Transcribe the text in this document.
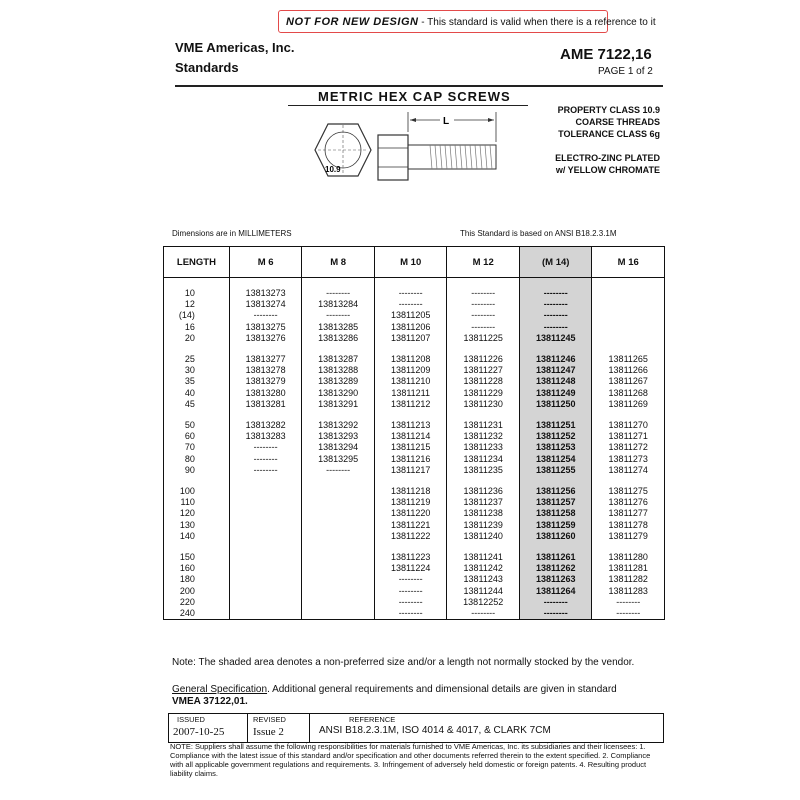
NOT FOR NEW DESIGN - This standard is valid when there is a reference to it
VME Americas, Inc.
Standards
AME 7122,16
PAGE 1 of 2
METRIC HEX CAP SCREWS
10.9
L
PROPERTY CLASS 10.9
COARSE THREADS
TOLERANCE CLASS 6g
ELECTRO-ZINC PLATED
w/ YELLOW CHROMATE
Dimensions are in MILLIMETERS	This Standard is based on ANSI B18.2.3.1M
LENGTH	M 6	M 8	M 10	M 12	(M 14)	M 16

10	13813273	--------	--------	--------	--------	
12	13813274	13813284	--------	--------	--------	
(14)	--------	--------	13811205	--------	--------	
16	13813275	13813285	13811206	--------	--------	
20	13813276	13813286	13811207	13811225	13811245	

25	13813277	13813287	13811208	13811226	13811246	13811265
30	13813278	13813288	13811209	13811227	13811247	13811266
35	13813279	13813289	13811210	13811228	13811248	13811267
40	13813280	13813290	13811211	13811229	13811249	13811268
45	13813281	13813291	13811212	13811230	13811250	13811269

50	13813282	13813292	13811213	13811231	13811251	13811270
60	13813283	13813293	13811214	13811232	13811252	13811271
70	--------	13813294	13811215	13811233	13811253	13811272
80	--------	13813295	13811216	13811234	13811254	13811273
90	--------	--------	13811217	13811235	13811255	13811274

100			13811218	13811236	13811256	13811275
110			13811219	13811237	13811257	13811276
120			13811220	13811238	13811258	13811277
130			13811221	13811239	13811259	13811278
140			13811222	13811240	13811260	13811279

150			13811223	13811241	13811261	13811280
160			13811224	13811242	13811262	13811281
180			--------	13811243	13811263	13811282
200			--------	13811244	13811264	13811283
220			--------	13812252	--------	--------
240			--------	--------	--------	--------
Note: The shaded area denotes a non-preferred size and/or a length not normally stocked by the vendor.
General Specification. Additional general requirements and dimensional details are given in standard
VMEA 37122,01.
ISSUED
2007-10-25
REVISED
Issue 2
REFERENCE
ANSI B18.2.3.1M, ISO 4014 & 4017, & CLARK 7CM
NOTE: Suppliers shall assume the following responsibilities for materials furnished to VME Americas, Inc. its subsidiaries and their licensees: 1. Compliance with the latest issue of this standard and/or specification and other documents referred therein to the extent specified. 2. Compliance with all applicable government regulations and requirements. 3. Infringement of adversely held domestic or foreign patents. 4. Resulting product liability claims.
